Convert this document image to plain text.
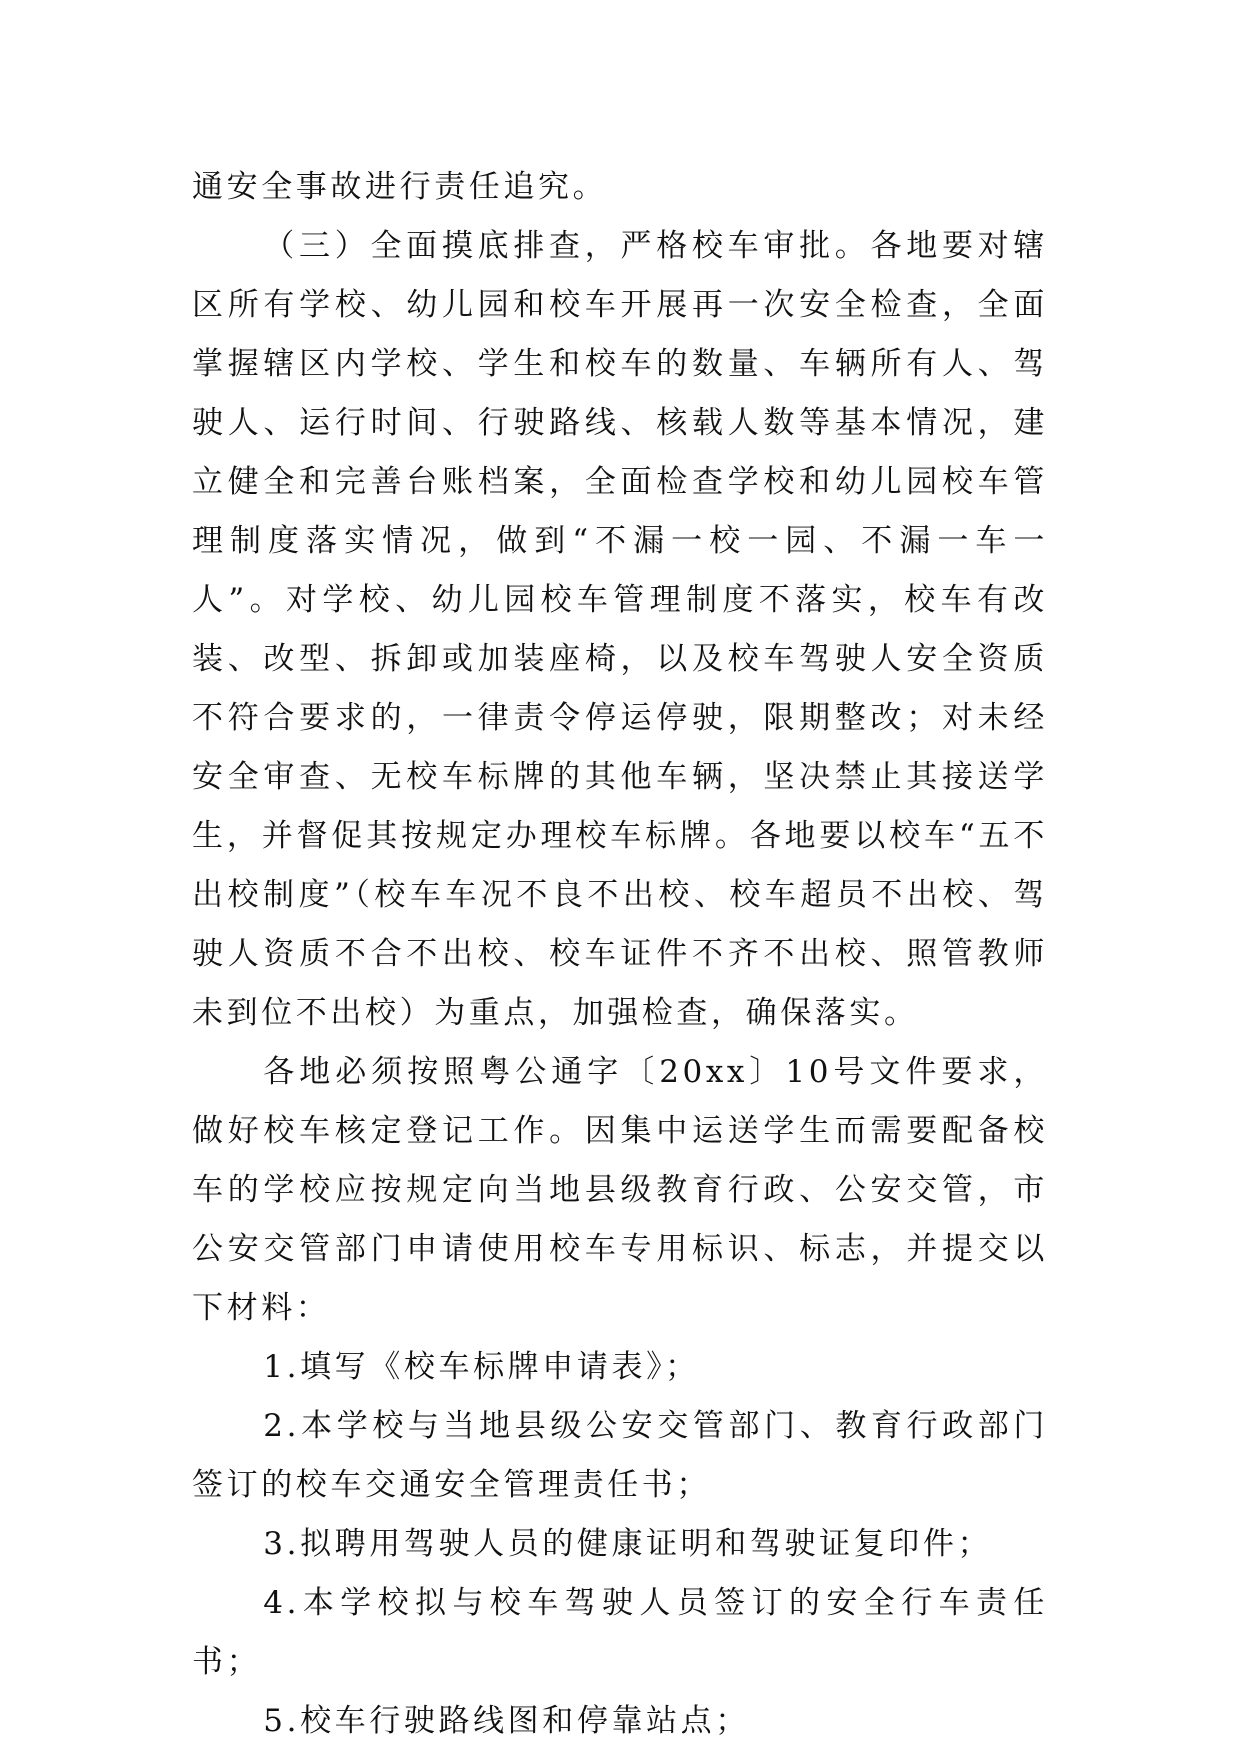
通安全事故进行责任追究。

（三）全面摸底排查，严格校车审批。各地要对辖区所有学校、幼儿园和校车开展再一次安全检查，全面掌握辖区内学校、学生和校车的数量、车辆所有人、驾驶人、运行时间、行驶路线、核载人数等基本情况，建立健全和完善台账档案，全面检查学校和幼儿园校车管理制度落实情况，做到“不漏一校一园、不漏一车一人”。对学校、幼儿园校车管理制度不落实，校车有改装、改型、拆卸或加装座椅，以及校车驾驶人安全资质不符合要求的，一律责令停运停驶，限期整改；对未经安全审查、无校车标牌的其他车辆，坚决禁止其接送学生，并督促其按规定办理校车标牌。各地要以校车“五不出校制度”（校车车况不良不出校、校车超员不出校、驾驶人资质不合不出校、校车证件不齐不出校、照管教师未到位不出校）为重点，加强检查，确保落实。

各地必须按照粤公通字〔20xx〕10号文件要求，做好校车核定登记工作。因集中运送学生而需要配备校车的学校应按规定向当地县级教育行政、公安交管，市公安交管部门申请使用校车专用标识、标志，并提交以下材料：

1.填写《校车标牌申请表》；

2.本学校与当地县级公安交管部门、教育行政部门签订的校车交通安全管理责任书；

3.拟聘用驾驶人员的健康证明和驾驶证复印件；

4.本学校拟与校车驾驶人员签订的安全行车责任书；

5.校车行驶路线图和停靠站点；
